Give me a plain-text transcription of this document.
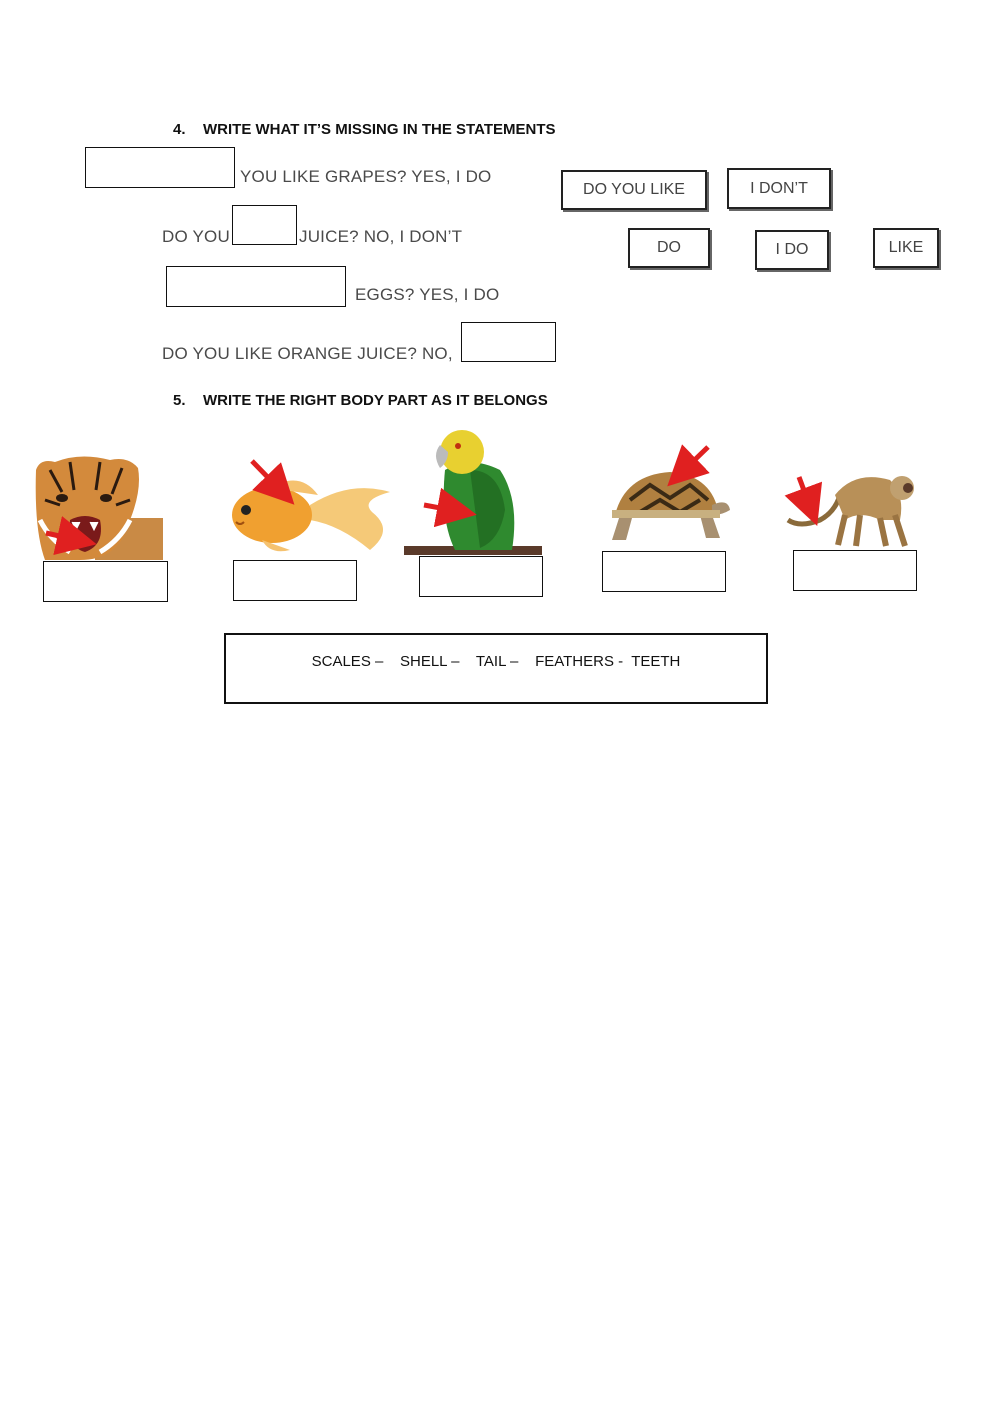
4. WRITE WHAT IT’S MISSING IN THE STATEMENTS
YOU LIKE GRAPES? YES, I DO
DO YOU	JUICE? NO, I DON’T
EGGS? YES, I DO
DO YOU LIKE ORANGE JUICE? NO,
DO YOU LIKE	I DON’T
DO	I DO	LIKE
5. WRITE THE RIGHT BODY PART AS IT BELONGS
SCALES –    SHELL –    TAIL –    FEATHERS -  TEETH
